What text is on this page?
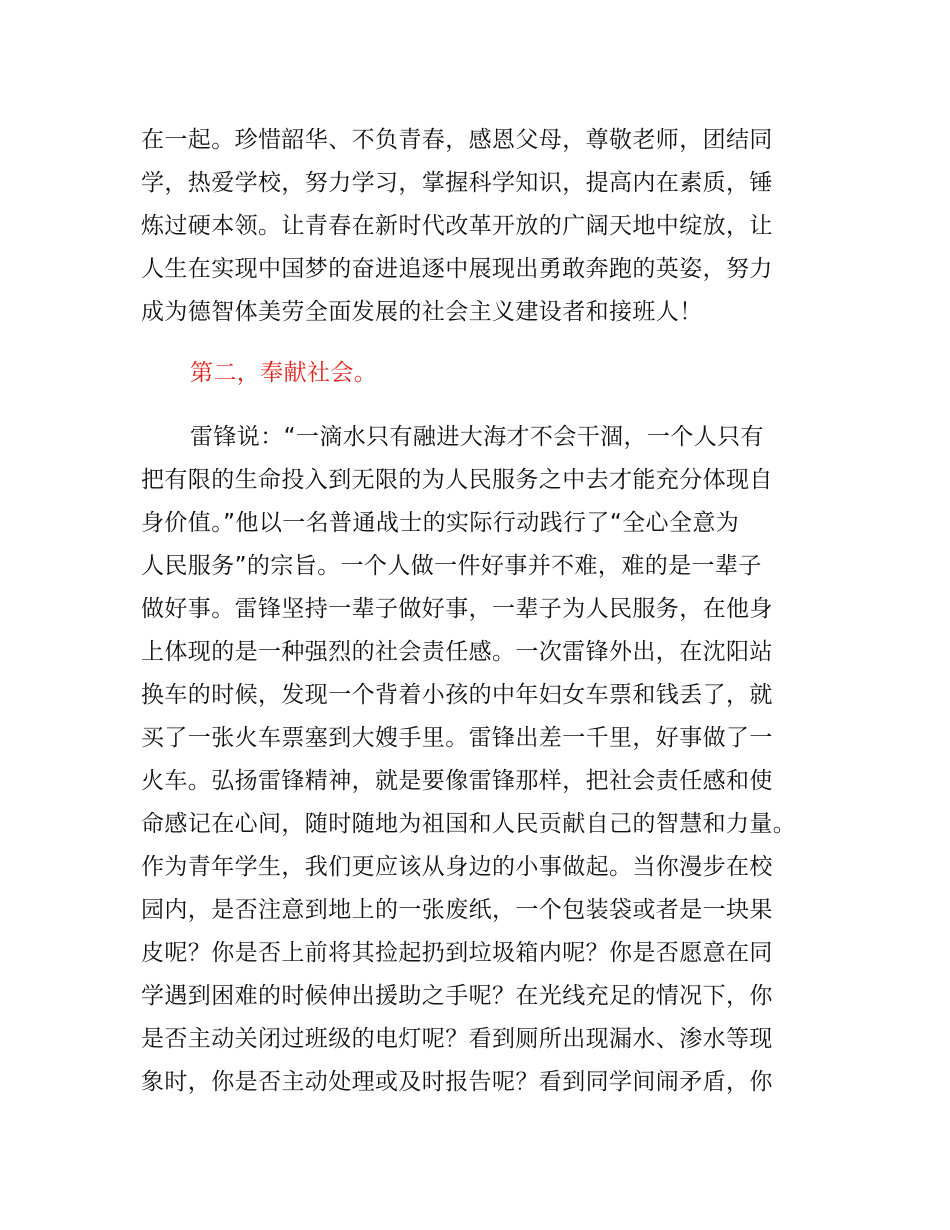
在一起。珍惜韶华、不负青春，感恩父母，尊敬老师，团结同
学，热爱学校，努力学习，掌握科学知识，提高内在素质，锤
炼过硬本领。让青春在新时代改革开放的广阔天地中绽放，让
人生在实现中国梦的奋进追逐中展现出勇敢奔跑的英姿，努力
成为德智体美劳全面发展的社会主义建设者和接班人！
第二，奉献社会。
雷锋说：“一滴水只有融进大海才不会干涸，一个人只有
把有限的生命投入到无限的为人民服务之中去才能充分体现自
身价值。”他以一名普通战士的实际行动践行了“全心全意为
人民服务”的宗旨。一个人做一件好事并不难，难的是一辈子
做好事。雷锋坚持一辈子做好事，一辈子为人民服务，在他身
上体现的是一种强烈的社会责任感。一次雷锋外出，在沈阳站
换车的时候，发现一个背着小孩的中年妇女车票和钱丢了，就
买了一张火车票塞到大嫂手里。雷锋出差一千里，好事做了一
火车。弘扬雷锋精神，就是要像雷锋那样，把社会责任感和使
命感记在心间，随时随地为祖国和人民贡献自己的智慧和力量。
作为青年学生，我们更应该从身边的小事做起。当你漫步在校
园内，是否注意到地上的一张废纸，一个包装袋或者是一块果
皮呢？你是否上前将其捡起扔到垃圾箱内呢？你是否愿意在同
学遇到困难的时候伸出援助之手呢？在光线充足的情况下，你
是否主动关闭过班级的电灯呢？看到厕所出现漏水、渗水等现
象时，你是否主动处理或及时报告呢？看到同学间闹矛盾，你
